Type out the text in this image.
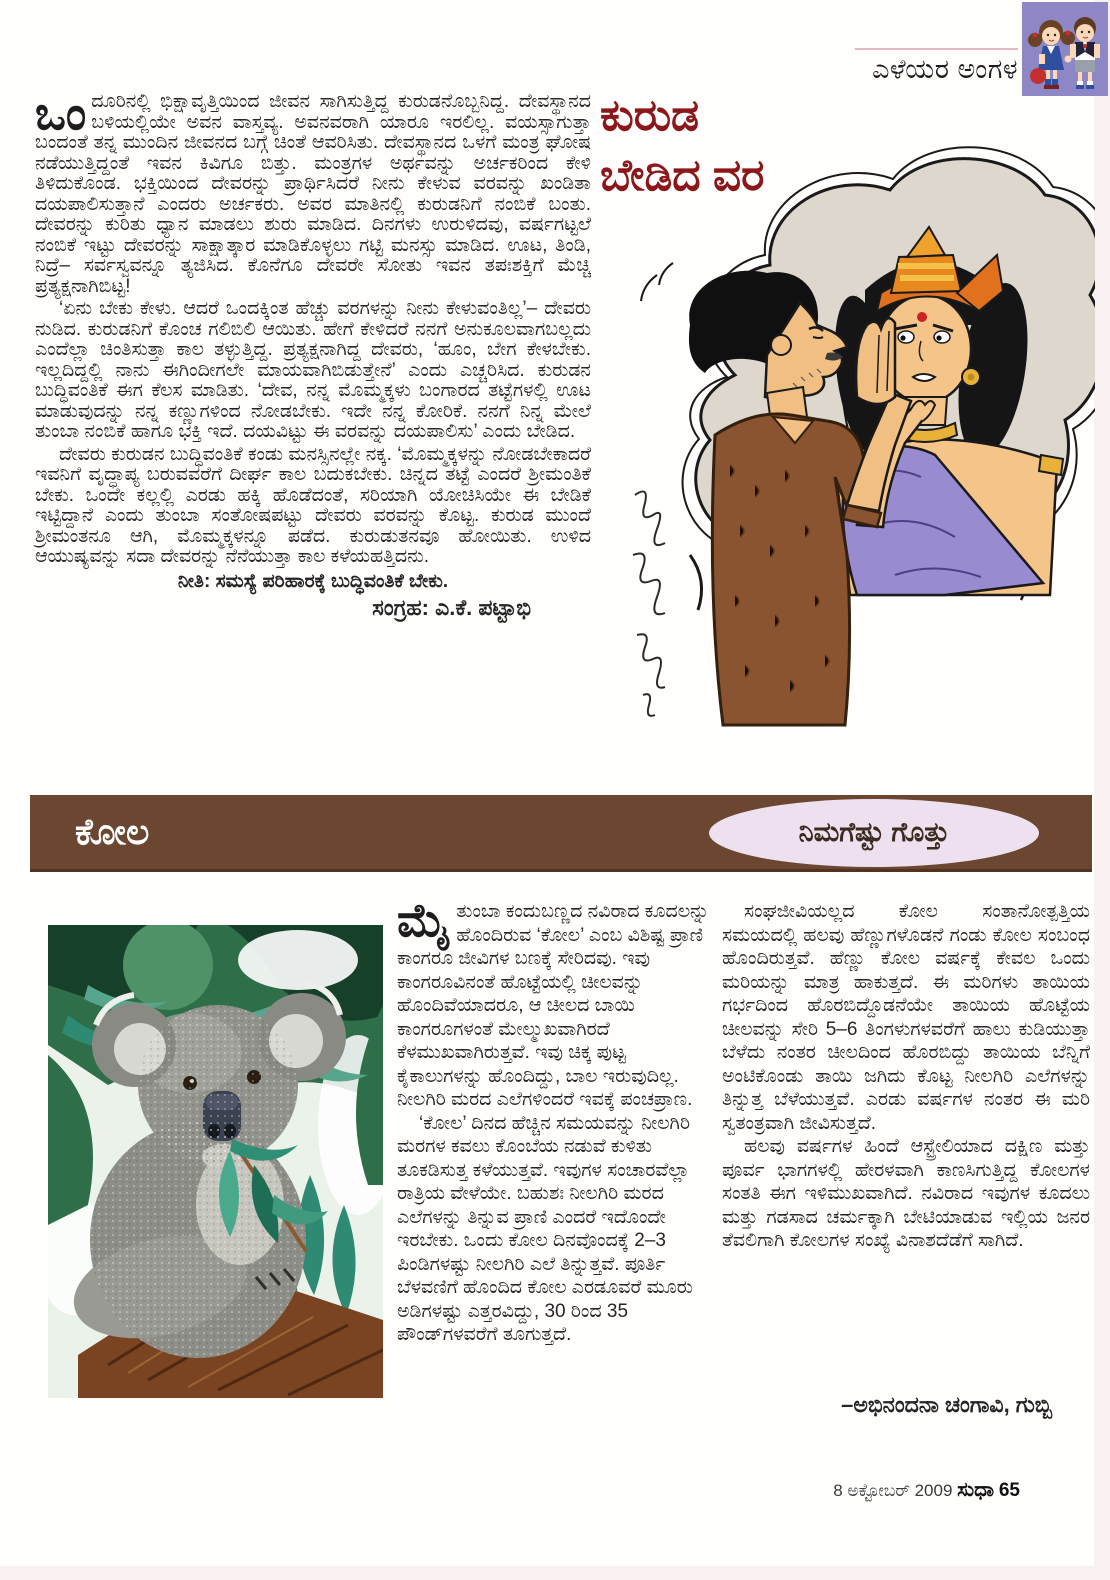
ಎಳೆಯರ ಅಂಗಳ
ಕುರುಡ
ಬೇಡಿದ ವರ

ಒಂದೂರಿನಲ್ಲಿ ಭಿಕ್ಷಾವೃತ್ತಿಯಿಂದ ಜೀವನ ಸಾಗಿಸುತ್ತಿದ್ದ ಕುರುಡನೊಬ್ಬನಿದ್ದ. ದೇವಸ್ಥಾನದ ಬಳಿಯಲ್ಲಿಯೇ ಅವನ ವಾಸ್ತವ್ಯ. ಅವನವರಾಗಿ ಯಾರೂ ಇರಲಿಲ್ಲ. ವಯಸ್ಸಾಗುತ್ತಾ ಬಂದಂತೆ ತನ್ನ ಮುಂದಿನ ಜೀವನದ ಬಗ್ಗೆ ಚಿಂತೆ ಆವರಿಸಿತು. ದೇವಸ್ಥಾನದ ಒಳಗೆ ಮಂತ್ರ ಘೋಷ ನಡೆಯುತ್ತಿದ್ದಂತೆ ಇವನ ಕಿವಿಗೂ ಬಿತ್ತು. ಮಂತ್ರಗಳ ಅರ್ಥವನ್ನು ಅರ್ಚಕರಿಂದ ಕೇಳಿ ತಿಳಿದುಕೊಂಡ. ಭಕ್ತಿಯಿಂದ ದೇವರನ್ನು ಪ್ರಾರ್ಥಿಸಿದರೆ ನೀನು ಕೇಳುವ ವರವನ್ನು ಖಂಡಿತಾ ದಯಪಾಲಿಸುತ್ತಾನೆ ಎಂದರು ಅರ್ಚಕರು. ಅವರ ಮಾತಿನಲ್ಲಿ ಕುರುಡನಿಗೆ ನಂಬಿಕೆ ಬಂತು. ದೇವರನ್ನು ಕುರಿತು ಧ್ಯಾನ ಮಾಡಲು ಶುರು ಮಾಡಿದ. ದಿನಗಳು ಉರುಳಿದವು, ವರ್ಷಗಟ್ಟಲೆ ನಂಬಿಕೆ ಇಟ್ಟು ದೇವರನ್ನು ಸಾಕ್ಷಾತ್ಕಾರ ಮಾಡಿಕೊಳ್ಳಲು ಗಟ್ಟಿ ಮನಸ್ಸು ಮಾಡಿದ. ಊಟ, ತಿಂಡಿ, ನಿದ್ರೆ– ಸರ್ವಸ್ವವನ್ನೂ ತ್ಯಜಿಸಿದ. ಕೊನೆಗೂ ದೇವರೇ ಸೋತು ಇವನ ತಪಃಶಕ್ತಿಗೆ ಮೆಚ್ಚಿ ಪ್ರತ್ಯಕ್ಷನಾಗಿಬಿಟ್ಟ!

‘ಏನು ಬೇಕು ಕೇಳು. ಆದರೆ ಒಂದಕ್ಕಿಂತ ಹೆಚ್ಚು ವರಗಳನ್ನು ನೀನು ಕೇಳುವಂತಿಲ್ಲ’– ದೇವರು ನುಡಿದ. ಕುರುಡನಿಗೆ ಕೊಂಚ ಗಲಿಬಿಲಿ ಆಯಿತು. ಹೇಗೆ ಕೇಳಿದರೆ ನನಗೆ ಅನುಕೂಲವಾಗಬಲ್ಲದು ಎಂದೆಲ್ಲಾ ಚಿಂತಿಸುತ್ತಾ ಕಾಲ ತಳ್ಳುತ್ತಿದ್ದ. ಪ್ರತ್ಯಕ್ಷನಾಗಿದ್ದ ದೇವರು, ‘ಹೂಂ, ಬೇಗ ಕೇಳಬೇಕು. ಇಲ್ಲದಿದ್ದಲ್ಲಿ ನಾನು ಈಗಿಂದೀಗಲೇ ಮಾಯವಾಗಿಬಿಡುತ್ತೇನೆ’ ಎಂದು ಎಚ್ಚರಿಸಿದ. ಕುರುಡನ ಬುದ್ಧಿವಂತಿಕೆ ಈಗ ಕೆಲಸ ಮಾಡಿತು. ‘ದೇವ, ನನ್ನ ಮೊಮ್ಮಕ್ಕಳು ಬಂಗಾರದ ತಟ್ಟೆಗಳಲ್ಲಿ ಊಟ ಮಾಡುವುದನ್ನು ನನ್ನ ಕಣ್ಣುಗಳಿಂದ ನೋಡಬೇಕು. ಇದೇ ನನ್ನ ಕೋರಿಕೆ. ನನಗೆ ನಿನ್ನ ಮೇಲೆ ತುಂಬಾ ನಂಬಿಕೆ ಹಾಗೂ ಭಕ್ತಿ ಇದೆ. ದಯವಿಟ್ಟು ಈ ವರವನ್ನು ದಯಪಾಲಿಸು’ ಎಂದು ಬೇಡಿದ.

ದೇವರು ಕುರುಡನ ಬುದ್ಧಿವಂತಿಕೆ ಕಂಡು ಮನಸ್ಸಿನಲ್ಲೇ ನಕ್ಕ. ‘ಮೊಮ್ಮಕ್ಕಳನ್ನು ನೋಡಬೇಕಾದರೆ ಇವನಿಗೆ ವೃದ್ಧಾಪ್ಯ ಬರುವವರೆಗೆ ದೀರ್ಘ ಕಾಲ ಬದುಕಬೇಕು. ಚಿನ್ನದ ತಟ್ಟೆ ಎಂದರೆ ಶ್ರೀಮಂತಿಕೆ ಬೇಕು. ಒಂದೇ ಕಲ್ಲಲ್ಲಿ ಎರಡು ಹಕ್ಕಿ ಹೊಡೆದಂತೆ, ಸರಿಯಾಗಿ ಯೋಚಿಸಿಯೇ ಈ ಬೇಡಿಕೆ ಇಟ್ಟಿದ್ದಾನೆ ಎಂದು ತುಂಬಾ ಸಂತೋಷಪಟ್ಟು ದೇವರು ವರವನ್ನು ಕೊಟ್ಟ. ಕುರುಡ ಮುಂದೆ ಶ್ರೀಮಂತನೂ ಆಗಿ, ಮೊಮ್ಮಕ್ಕಳನ್ನೂ ಪಡೆದ. ಕುರುಡುತನವೂ ಹೋಯಿತು. ಉಳಿದ ಆಯುಷ್ಯವನ್ನು ಸದಾ ದೇವರನ್ನು ನೆನೆಯುತ್ತಾ ಕಾಲ ಕಳೆಯಹತ್ತಿದನು.

ನೀತಿ: ಸಮಸ್ಯೆ ಪರಿಹಾರಕ್ಕೆ ಬುದ್ಧಿವಂತಿಕೆ ಬೇಕು.

ಸಂಗ್ರಹ: ಎ.ಕೆ. ಪಟ್ಟಾಭಿ

ಕೋಲ	ನಿಮಗೆಷ್ಟು ಗೊತ್ತು

ಮೈತುಂಬಾ ಕಂದುಬಣ್ಣದ ನವಿರಾದ ಕೂದಲನ್ನು ಹೊಂದಿರುವ ‘ಕೋಲ’ ಎಂಬ ವಿಶಿಷ್ಟ ಪ್ರಾಣಿ ಕಾಂಗರೂ ಜೀವಿಗಳ ಬಣಕ್ಕೆ ಸೇರಿದವು. ಇವು ಕಾಂಗರೂವಿನಂತೆ ಹೊಟ್ಟೆಯಲ್ಲಿ ಚೀಲವನ್ನು ಹೊಂದಿವೆಯಾದರೂ, ಆ ಚೀಲದ ಬಾಯಿ ಕಾಂಗರೂಗಳಂತೆ ಮೇಲ್ಮುಖವಾಗಿರದೆ ಕೆಳಮುಖವಾಗಿರುತ್ತವೆ. ಇವು ಚಿಕ್ಕ ಪುಟ್ಟ ಕೈಕಾಲುಗಳನ್ನು ಹೊಂದಿದ್ದು, ಬಾಲ ಇರುವುದಿಲ್ಲ. ನೀಲಗಿರಿ ಮರದ ಎಲೆಗಳಿಂದರೆ ಇವಕ್ಕೆ ಪಂಚಪ್ರಾಣ.

‘ಕೋಲ’ ದಿನದ ಹೆಚ್ಚಿನ ಸಮಯವನ್ನು ನೀಲಗಿರಿ ಮರಗಳ ಕವಲು ಕೊಂಬೆಯ ನಡುವೆ ಕುಳಿತು ತೂಕಡಿಸುತ್ತ ಕಳೆಯುತ್ತವೆ. ಇವುಗಳ ಸಂಚಾರವೆಲ್ಲಾ ರಾತ್ರಿಯ ವೇಳೆಯೇ. ಬಹುಶಃ ನೀಲಗಿರಿ ಮರದ ಎಲೆಗಳನ್ನು ತಿನ್ನುವ ಪ್ರಾಣಿ ಎಂದರೆ ಇದೊಂದೇ ಇರಬೇಕು. ಒಂದು ಕೋಲ ದಿನವೊಂದಕ್ಕೆ 2–3 ಪಿಂಡಿಗಳಷ್ಟು ನೀಲಗಿರಿ ಎಲೆ ತಿನ್ನುತ್ತವೆ. ಪೂರ್ತಿ ಬೆಳವಣಿಗೆ ಹೊಂದಿದ ಕೋಲ ಎರಡೂವರೆ ಮೂರು ಅಡಿಗಳಷ್ಟು ಎತ್ತರವಿದ್ದು, 30 ರಿಂದ 35 ಪೌಂಡ್‌ಗಳವರೆಗೆ ತೂಗುತ್ತದೆ.

ಸಂಘಜೀವಿಯಲ್ಲದ ಕೋಲ ಸಂತಾನೋತ್ಪತ್ತಿಯ ಸಮಯದಲ್ಲಿ ಹಲವು ಹೆಣ್ಣುಗಳೊಡನೆ ಗಂಡು ಕೋಲ ಸಂಬಂಧ ಹೊಂದಿರುತ್ತವೆ. ಹೆಣ್ಣು ಕೋಲ ವರ್ಷಕ್ಕೆ ಕೇವಲ ಒಂದು ಮರಿಯನ್ನು ಮಾತ್ರ ಹಾಕುತ್ತದೆ. ಈ ಮರಿಗಳು ತಾಯಿಯ ಗರ್ಭದಿಂದ ಹೊರಬಿದ್ದೊಡನೆಯೇ ತಾಯಿಯ ಹೊಟ್ಟೆಯ ಚೀಲವನ್ನು ಸೇರಿ 5–6 ತಿಂಗಳುಗಳವರೆಗೆ ಹಾಲು ಕುಡಿಯುತ್ತಾ ಬೆಳೆದು ನಂತರ ಚೀಲದಿಂದ ಹೊರಬಿದ್ದು ತಾಯಿಯ ಬೆನ್ನಿಗೆ ಅಂಟಿಕೊಂಡು ತಾಯಿ ಜಗಿದು ಕೊಟ್ಟ ನೀಲಗಿರಿ ಎಲೆಗಳನ್ನು ತಿನ್ನುತ್ತ ಬೆಳೆಯುತ್ತವೆ. ಎರಡು ವರ್ಷಗಳ ನಂತರ ಈ ಮರಿ ಸ್ವತಂತ್ರವಾಗಿ ಜೀವಿಸುತ್ತದೆ.

ಹಲವು ವರ್ಷಗಳ ಹಿಂದೆ ಆಸ್ಟ್ರೇಲಿಯಾದ ದಕ್ಷಿಣ ಮತ್ತು ಪೂರ್ವ ಭಾಗಗಳಲ್ಲಿ ಹೇರಳವಾಗಿ ಕಾಣಸಿಗುತ್ತಿದ್ದ ಕೋಲಗಳ ಸಂತತಿ ಈಗ ಇಳಿಮುಖವಾಗಿದೆ. ನವಿರಾದ ಇವುಗಳ ಕೂದಲು ಮತ್ತು ಗಡಸಾದ ಚರ್ಮಕ್ಕಾಗಿ ಬೇಟಿಯಾಡುವ ಇಲ್ಲಿಯ ಜನರ ತೆವಲಿಗಾಗಿ ಕೋಲಗಳ ಸಂಖ್ಯೆ ವಿನಾಶದೆಡೆಗೆ ಸಾಗಿದೆ.

–ಅಭಿನಂದನಾ ಚಂಗಾವಿ, ಗುಬ್ಬಿ
8 ಅಕ್ಟೋಬರ್ 2009 ಸುಧಾ 65
